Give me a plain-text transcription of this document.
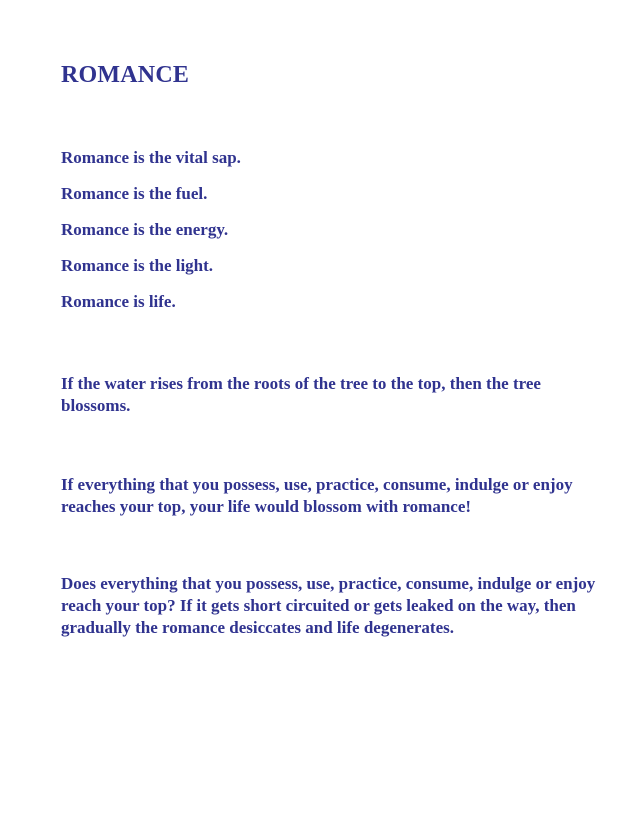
ROMANCE
Romance is the vital sap.
Romance is the fuel.
Romance is the energy.
Romance is the light.
Romance is life.

If the water rises from the roots of the tree to the top, then the tree blossoms.

If everything that you possess, use, practice, consume, indulge or enjoy reaches your top, your life would blossom with romance!

Does everything that you possess, use, practice, consume, indulge or enjoy reach your top? If it gets short circuited or gets leaked on the way, then gradually the romance desiccates and life degenerates.
